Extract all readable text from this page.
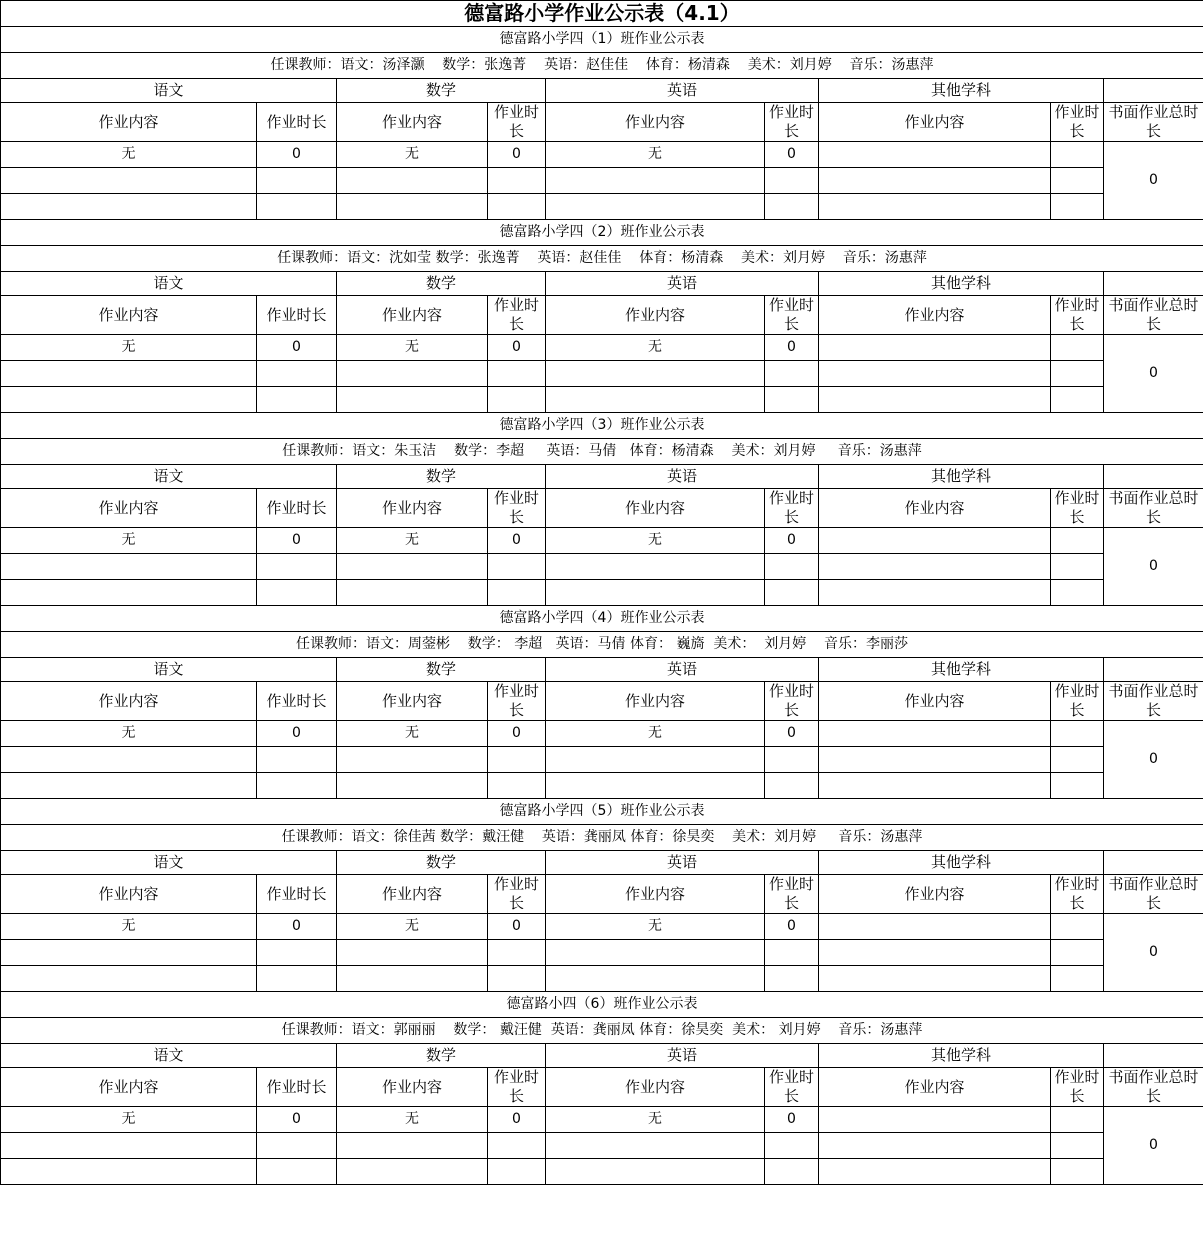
德富路小学作业公示表（4.1）								
德富路小学四（1）班作业公示表								
任课教师：语文：汤泽灏    数学：张逸菁    英语：赵佳佳    体育：杨清森    美术：刘月婷    音乐：汤惠萍								
语文		数学		英语		其他学科		
作业内容	作业时长	作业内容	作业时长	作业内容	作业时长	作业内容	作业时长	书面作业总时长
无	0	无	0	无	0			0

德富路小学四（2）班作业公示表								
任课教师：语文：沈如莹 数学：张逸菁    英语：赵佳佳    体育：杨清森    美术：刘月婷    音乐：汤惠萍								
语文		数学		英语		其他学科		
作业内容	作业时长	作业内容	作业时长	作业内容	作业时长	作业内容	作业时长	书面作业总时长
无	0	无	0	无	0			0

德富路小学四（3）班作业公示表								
任课教师：语文：朱玉洁    数学：李超     英语：马倩   体育：杨清森    美术：刘月婷     音乐：汤惠萍								
语文		数学		英语		其他学科		
作业内容	作业时长	作业内容	作业时长	作业内容	作业时长	作业内容	作业时长	书面作业总时长
无	0	无	0	无	0			0

德富路小学四（4）班作业公示表								
任课教师：语文：周蓥彬    数学： 李超   英语：马倩 体育： 巍旖  美术：  刘月婷    音乐：李丽莎								
语文		数学		英语		其他学科		
作业内容	作业时长	作业内容	作业时长	作业内容	作业时长	作业内容	作业时长	书面作业总时长
无	0	无	0	无	0			0

德富路小学四（5）班作业公示表								
任课教师：语文：徐佳茜 数学：戴汪健    英语：龚丽凤 体育：徐昊奕    美术：刘月婷     音乐：汤惠萍								
语文		数学		英语		其他学科		
作业内容	作业时长	作业内容	作业时长	作业内容	作业时长	作业内容	作业时长	书面作业总时长
无	0	无	0	无	0			0

德富路小四（6）班作业公示表								
任课教师：语文：郭丽丽    数学： 戴汪健  英语：龚丽凤 体育：徐昊奕  美术： 刘月婷    音乐：汤惠萍								
语文		数学		英语		其他学科		
作业内容	作业时长	作业内容	作业时长	作业内容	作业时长	作业内容	作业时长	书面作业总时长
无	0	无	0	无	0			0
